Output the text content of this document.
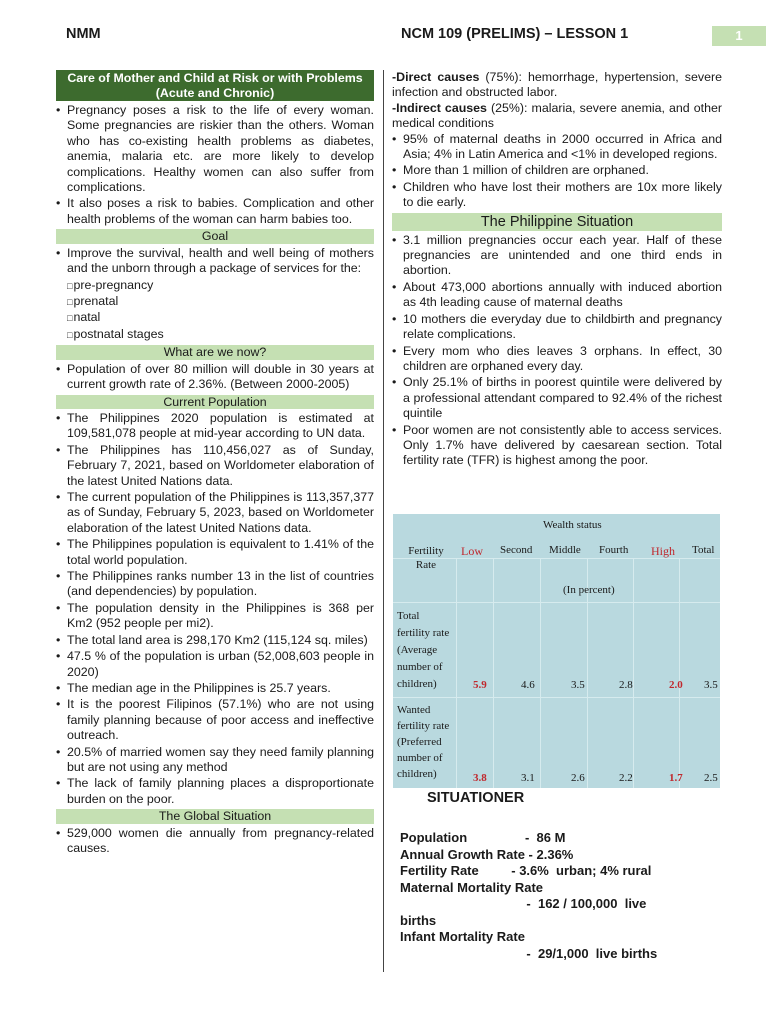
NMM	NCM 109 (PRELIMS) – LESSON 1	1
Care of Mother and Child at Risk or with Problems (Acute and Chronic)
• Pregnancy poses a risk to the life of every woman. Some pregnancies are riskier than the others. Woman who has co-existing health problems as diabetes, anemia, malaria etc. are more likely to develop complications. Healthy women can also suffer from complications.
• It also poses a risk to babies. Complication and other health problems of the woman can harm babies too.
Goal
• Improve the survival, health and well being of mothers and the unborn through a package of services for the:
□ pre-pregnancy
□ prenatal
□ natal
□ postnatal stages
What are we now?
• Population of over 80 million will double in 30 years at current growth rate of 2.36%. (Between 2000-2005)
Current Population
• The Philippines 2020 population is estimated at 109,581,078 people at mid-year according to UN data.
• The Philippines has 110,456,027 as of Sunday, February 7, 2021, based on Worldometer elaboration of the latest United Nations data.
• The current population of the Philippines is 113,357,377 as of Sunday, February 5, 2023, based on Worldometer elaboration of the latest United Nations data.
• The Philippines population is equivalent to 1.41% of the total world population.
• The Philippines ranks number 13 in the list of countries (and dependencies) by population.
• The population density in the Philippines is 368 per Km2 (952 people per mi2).
• The total land area is 298,170 Km2 (115,124 sq. miles)
• 47.5 % of the population is urban (52,008,603 people in 2020)
• The median age in the Philippines is 25.7 years.
• It is the poorest Filipinos (57.1%) who are not using family planning because of poor access and ineffective outreach.
• 20.5% of married women say they need family planning but are not using any method
• The lack of family planning places a disproportionate burden on the poor.
The Global Situation
• 529,000 women die annually from pregnancy-related causes.
-Direct causes (75%): hemorrhage, hypertension, severe infection and obstructed labor.
-Indirect causes (25%): malaria, severe anemia, and other medical conditions
• 95% of maternal deaths in 2000 occurred in Africa and Asia; 4% in Latin America and <1% in developed regions.
• More than 1 million of children are orphaned.
• Children who have lost their mothers are 10x more likely to die early.
The Philippine Situation
• 3.1 million pregnancies occur each year. Half of these pregnancies are unintended and one third ends in abortion.
• About 473,000 abortions annually with induced abortion as 4th leading cause of maternal deaths
• 10 mothers die everyday due to childbirth and pregnancy relate complications.
• Every mom who dies leaves 3 orphans. In effect, 30 children are orphaned every day.
• Only 25.1% of births in poorest quintile were delivered by a professional attendant compared to 92.4% of the richest quintile
• Poor women are not consistently able to access services. Only 1.7% have delivered by caesarean section. Total fertility rate (TFR) is highest among the poor.
Wealth status
Fertility Rate
Low Second Middle Fourth High Total
(In percent)
Total
fertility rate
(Average
number of
children)	5.9	4.6	3.5	2.8	2.0 3.5
Wanted
fertility rate
(Preferred
number of
children)	3.8	3.1	2.6	2.2	1.7 2.5
SITUATIONER
Population                -  86 M
Annual Growth Rate - 2.36%
Fertility Rate         - 3.6%  urban; 4% rural
Maternal Mortality Rate
-  162 / 100,000  live
births
Infant Mortality Rate
-  29/1,000  live births
